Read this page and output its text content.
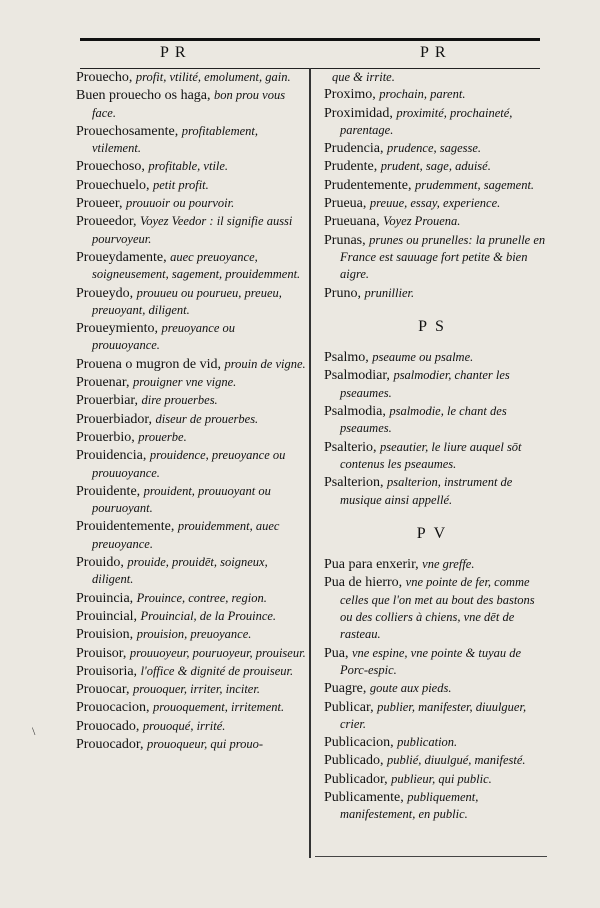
PR	PR
\
Prouecho, profit, vtilité, emolument, gain.
Buen prouecho os haga, bon prou vous face.
Prouechosamente, profitablement, vtilement.
Prouechoso, profitable, vtile.
Prouechuelo, petit profit.
Proueer, prouuoir ou pourvoir.
Proueedor, Voyez Veedor : il signifie aussi pourvoyeur.
Proueydamente, auec preuoyance, soigneusement, sagement, prouidemment.
Proueydo, prouueu ou pourueu, preueu, preuoyant, diligent.
Proueymiento, preuoyance ou prouuoyance.
Prouena o mugron de vid, prouin de vigne.
Prouenar, prouigner vne vigne.
Prouerbiar, dire prouerbes.
Prouerbiador, diseur de prouerbes.
Prouerbio, prouerbe.
Prouidencia, prouidence, preuoyance ou prouuoyance.
Prouidente, prouident, prouuoyant ou pouruoyant.
Prouidentemente, prouidemment, auec preuoyance.
Prouido, prouide, prouidēt, soigneux, diligent.
Prouincia, Prouince, contree, region.
Prouincial, Prouincial, de la Prouince.
Prouision, prouision, preuoyance.
Prouisor, prouuoyeur, pouruoyeur, prouiseur.
Prouisoria, l'office & dignité de prouiseur.
Prouocar, prouoquer, irriter, inciter.
Prouocacion, prouoquement, irritement.
Prouocado, prouoqué, irrité.
Prouocador, prouoqueur, qui prouo-
que & irrite.
Proximo, prochain, parent.
Proximidad, proximité, prochaineté, parentage.
Prudencia, prudence, sagesse.
Prudente, prudent, sage, aduisé.
Prudentemente, prudemment, sagement.
Prueua, preuue, essay, experience.
Prueuana, Voyez Prouena.
Prunas, prunes ou prunelles: la prunelle en France est sauuage fort petite & bien aigre.
Pruno, prunillier.
PS
Psalmo, pseaume ou psalme.
Psalmodiar, psalmodier, chanter les pseaumes.
Psalmodia, psalmodie, le chant des pseaumes.
Psalterio, pseautier, le liure auquel sōt contenus les pseaumes.
Psalterion, psalterion, instrument de musique ainsi appellé.
PV
Pua para enxerir, vne greffe.
Pua de hierro, vne pointe de fer, comme celles que l'on met au bout des bastons ou des colliers à chiens, vne dēt de rasteau.
Pua, vne espine, vne pointe & tuyau de Porc-espic.
Puagre, goute aux pieds.
Publicar, publier, manifester, diuulguer, crier.
Publicacion, publication.
Publicado, publié, diuulgué, manifesté.
Publicador, publieur, qui public.
Publicamente, publiquement, manifestement, en public.
